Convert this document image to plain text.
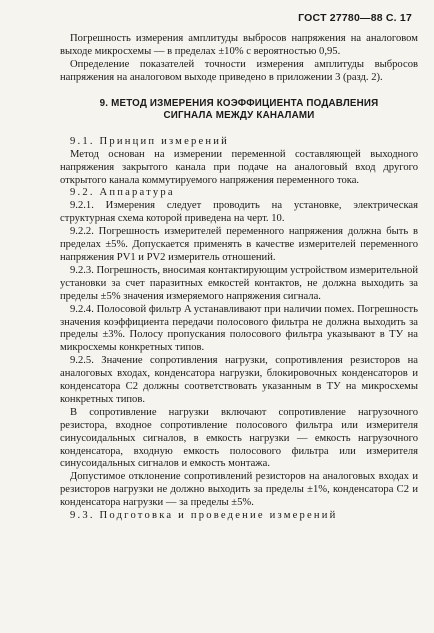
ГОСТ 27780—88 С. 17

Погрешность измерения амплитуды выбросов напряжения на аналоговом выходе микросхемы — в пределах ±10% с вероятностью 0,95.

Определение показателей точности измерения амплитуды выбросов напряжения на аналоговом выходе приведено в приложении 3 (разд. 2).

9. МЕТОД ИЗМЕРЕНИЯ КОЭФФИЦИЕНТА ПОДАВЛЕНИЯ
СИГНАЛА МЕЖДУ КАНАЛАМИ

9.1. Принцип измерений

Метод основан на измерении переменной составляющей выходного напряжения закрытого канала при подаче на аналоговый вход другого открытого канала коммутируемого напряжения переменного тока.

9.2. Аппаратура

9.2.1. Измерения следует проводить на установке, электрическая структурная схема которой приведена на черт. 10.

9.2.2. Погрешность измерителей переменного напряжения должна быть в пределах ±5%. Допускается применять в качестве измерителей переменного напряжения PV1 и PV2 измеритель отношений.

9.2.3. Погрешность, вносимая контактирующим устройством измерительной установки за счет паразитных емкостей контактов, не должна выходить за пределы ±5% значения измеряемого напряжения сигнала.

9.2.4. Полосовой фильтр A устанавливают при наличии помех. Погрешность значения коэффициента передачи полосового фильтра не должна выходить за пределы ±3%. Полосу пропускания полосового фильтра указывают в ТУ на микросхемы конкретных типов.

9.2.5. Значение сопротивления нагрузки, сопротивления резисторов на аналоговых входах, конденсатора нагрузки, блокировочных конденсаторов и конденсатора C2 должны соответствовать указанным в ТУ на микросхемы конкретных типов.

В сопротивление нагрузки включают сопротивление нагрузочного резистора, входное сопротивление полосового фильтра или измерителя синусоидальных сигналов, в емкость нагрузки — емкость нагрузочного конденсатора, входную емкость полосового фильтра или измерителя синусоидальных сигналов и емкость монтажа.

Допустимое отклонение сопротивлений резисторов на аналоговых входах и резисторов нагрузки не должно выходить за пределы ±1%, конденсатора C2 и конденсатора нагрузки — за пределы ±5%.

9.3. Подготовка и проведение измерений
